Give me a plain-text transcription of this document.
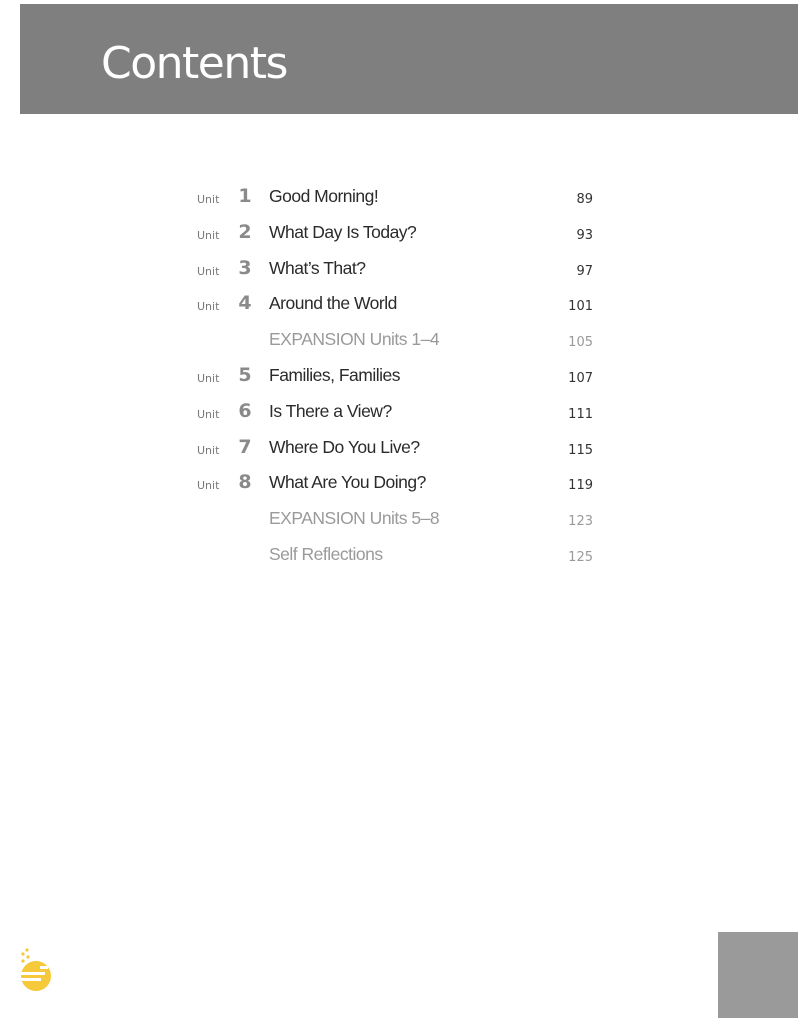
Contents
Unit 1 Good Morning!	89
Unit 2 What Day Is Today?	93
Unit 3 What’s That?	97
Unit 4 Around the World	101
EXPANSION Units 1–4	105
Unit 5 Families, Families	107
Unit 6 Is There a View?	111
Unit 7 Where Do You Live?	115
Unit 8 What Are You Doing?	119
EXPANSION Units 5–8	123
Self Reflections	125
